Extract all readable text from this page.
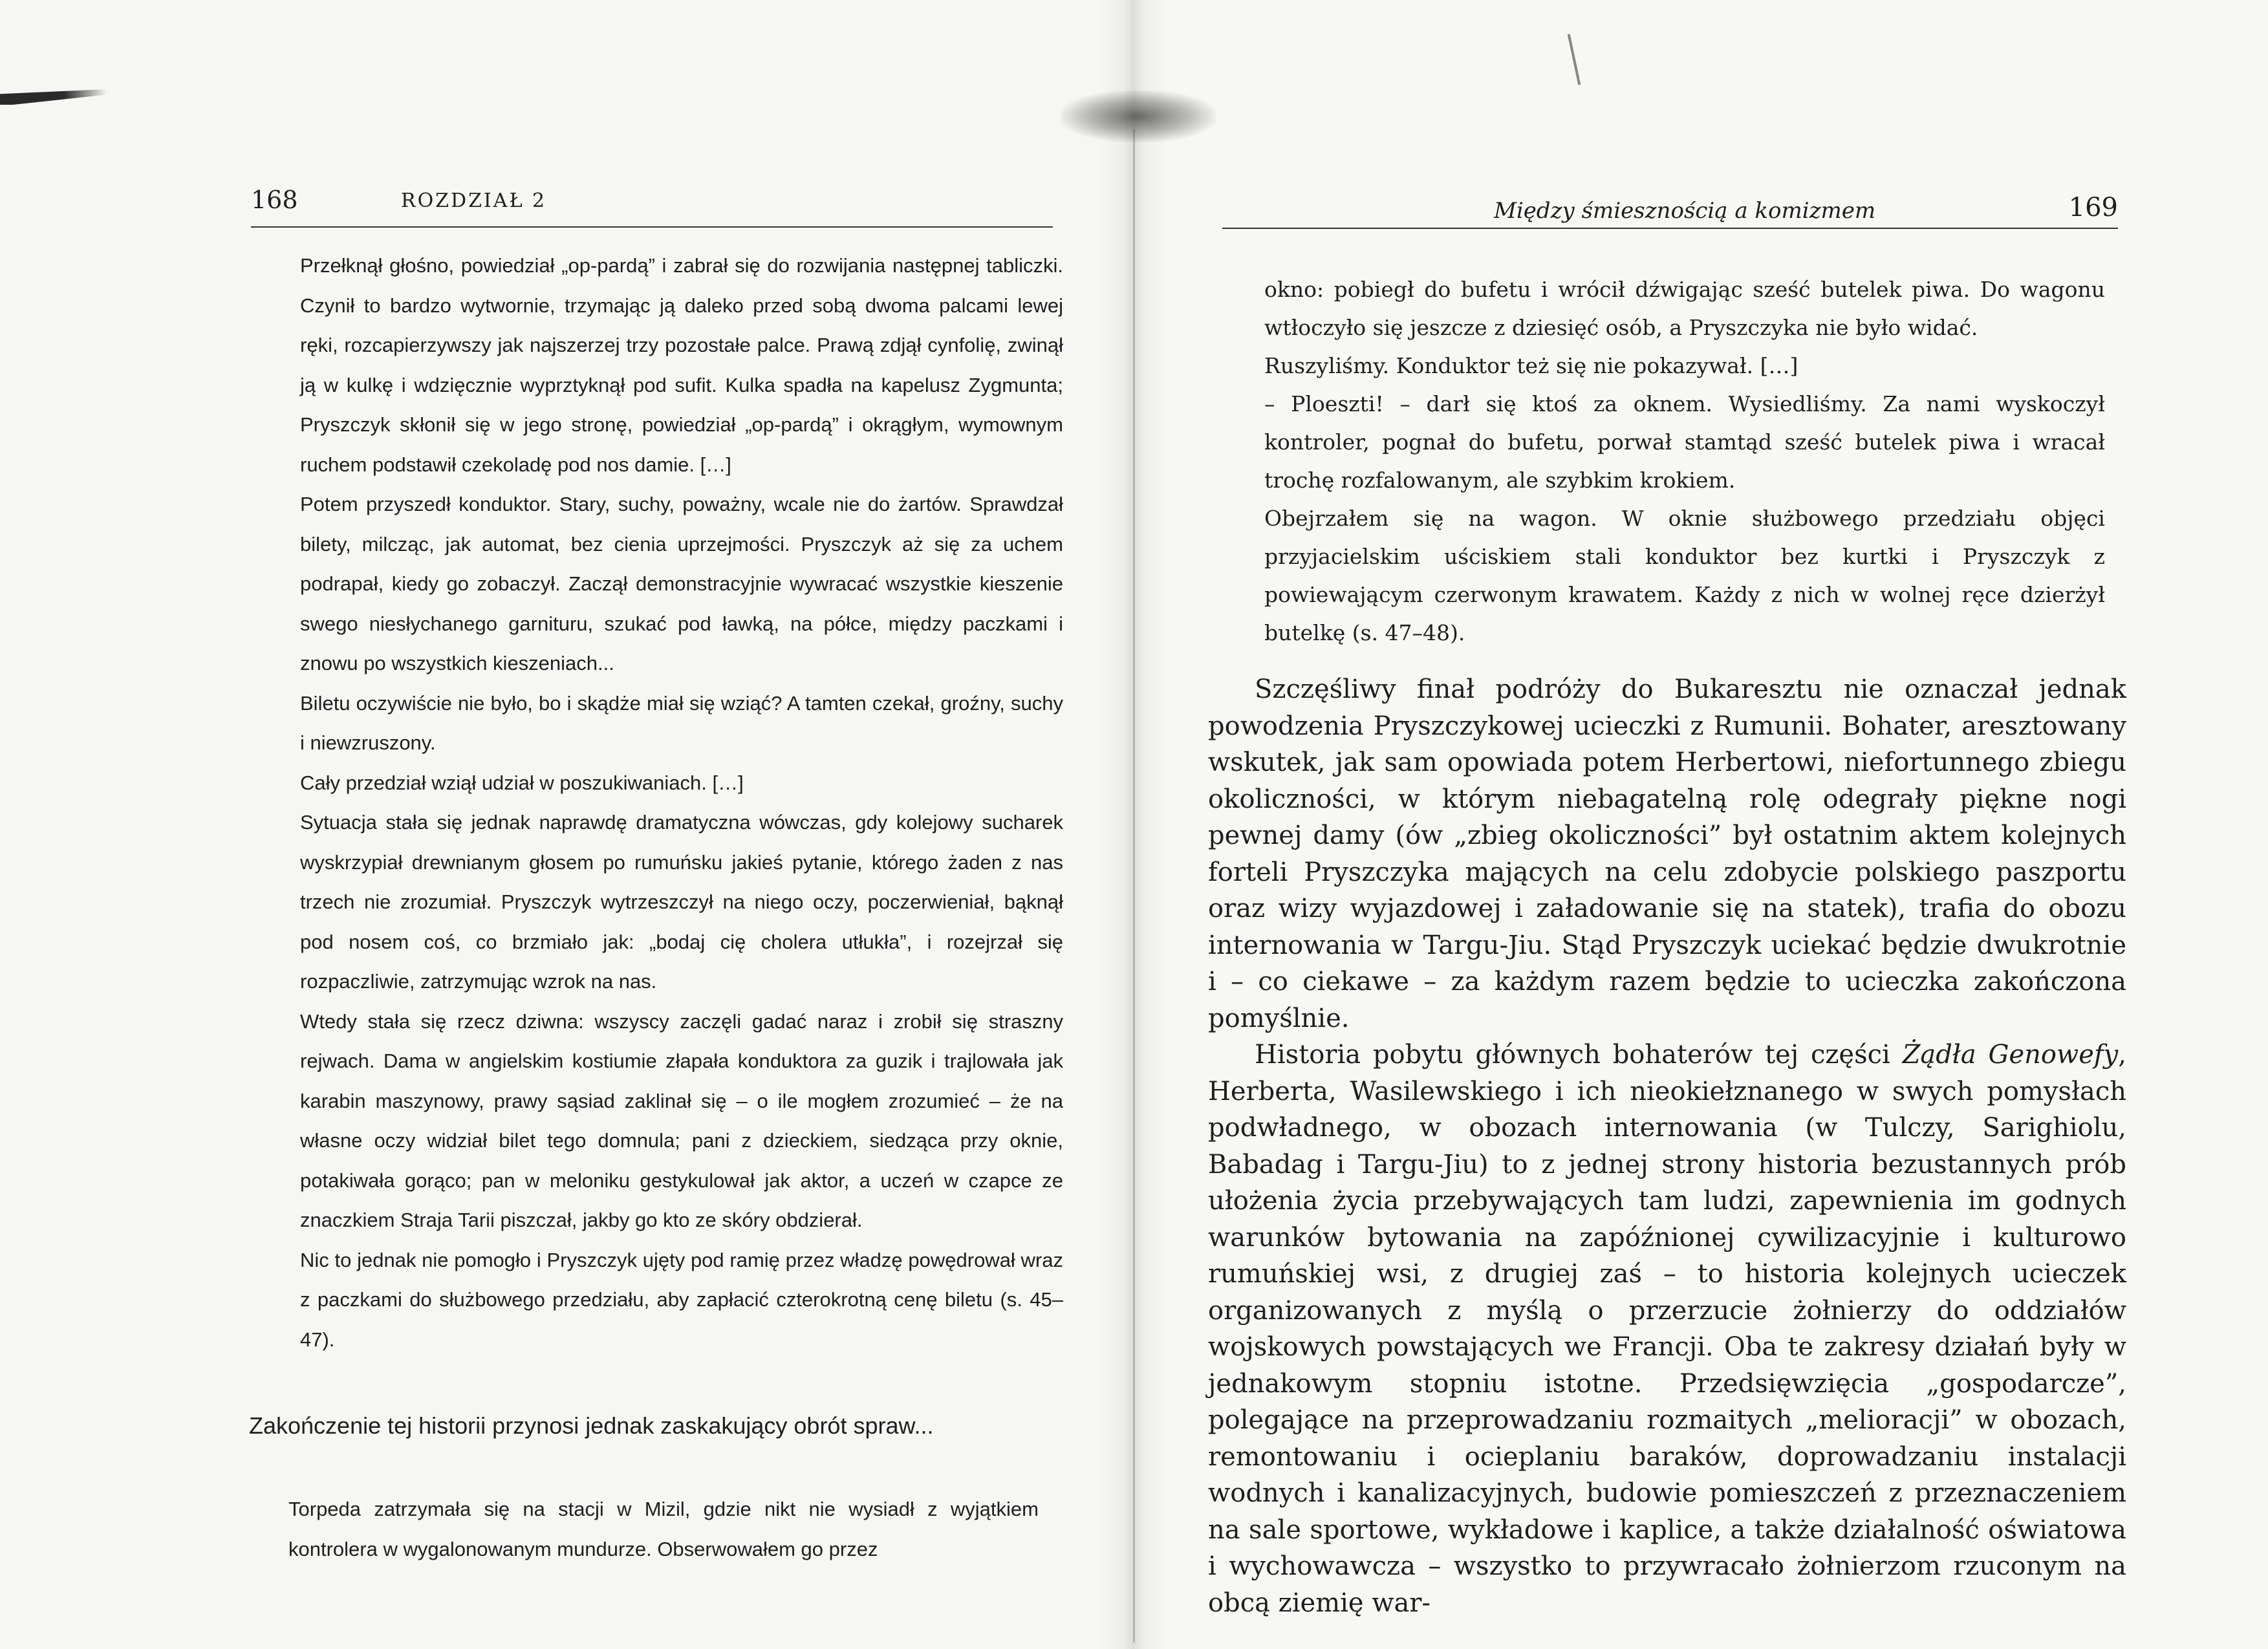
168	ROZDZIAŁ 2

Przełknął głośno, powiedział „op-pardą” i zabrał się do rozwijania następnej tabliczki. Czynił to bardzo wytwornie, trzymając ją daleko przed sobą dwoma palcami lewej ręki, rozcapierzywszy jak najszerzej trzy pozostałe palce. Prawą zdjął cynfolię, zwinął ją w kulkę i wdzięcznie wyprztyknął pod sufit. Kulka spadła na kapelusz Zygmunta; Pryszczyk skłonił się w jego stronę, powiedział „op-pardą” i okrągłym, wymownym ruchem podstawił czekoladę pod nos damie. […]

Potem przyszedł konduktor. Stary, suchy, poważny, wcale nie do żartów. Sprawdzał bilety, milcząc, jak automat, bez cienia uprzejmości. Pryszczyk aż się za uchem podrapał, kiedy go zobaczył. Zaczął demonstracyjnie wywracać wszystkie kieszenie swego niesłychanego garnituru, szukać pod ławką, na półce, między paczkami i znowu po wszystkich kieszeniach...

Biletu oczywiście nie było, bo i skądże miał się wziąć? A tamten czekał, groźny, suchy i niewzruszony.

Cały przedział wziął udział w poszukiwaniach. […]

Sytuacja stała się jednak naprawdę dramatyczna wówczas, gdy kolejowy sucharek wyskrzypiał drewnianym głosem po rumuńsku jakieś pytanie, którego żaden z nas trzech nie zrozumiał. Pryszczyk wytrzeszczył na niego oczy, poczerwieniał, bąknął pod nosem coś, co brzmiało jak: „bodaj cię cholera utłukła”, i rozejrzał się rozpaczliwie, zatrzymując wzrok na nas.

Wtedy stała się rzecz dziwna: wszyscy zaczęli gadać naraz i zrobił się straszny rejwach. Dama w angielskim kostiumie złapała konduktora za guzik i trajlowała jak karabin maszynowy, prawy sąsiad zaklinał się – o ile mogłem zrozumieć – że na własne oczy widział bilet tego domnula; pani z dzieckiem, siedząca przy oknie, potakiwała gorąco; pan w meloniku gestykulował jak aktor, a uczeń w czapce ze znaczkiem Straja Tarii piszczał, jakby go kto ze skóry obdzierał.

Nic to jednak nie pomogło i Pryszczyk ujęty pod ramię przez władzę powędrował wraz z paczkami do służbowego przedziału, aby zapłacić czterokrotną cenę biletu (s. 45–47).

Zakończenie tej historii przynosi jednak zaskakujący obrót spraw...

Torpeda zatrzymała się na stacji w Mizil, gdzie nikt nie wysiadł z wyjątkiem kontrolera w wygalonowanym mundurze. Obserwowałem go przez

Między śmiesznością a komizmem	169

okno: pobiegł do bufetu i wrócił dźwigając sześć butelek piwa. Do wagonu wtłoczyło się jeszcze z dziesięć osób, a Pryszczyka nie było widać.

Ruszyliśmy. Konduktor też się nie pokazywał. […]

– Ploeszti! – darł się ktoś za oknem. Wysiedliśmy. Za nami wyskoczył kontroler, pognał do bufetu, porwał stamtąd sześć butelek piwa i wracał trochę rozfalowanym, ale szybkim krokiem.

Obejrzałem się na wagon. W oknie służbowego przedziału objęci przyjacielskim uściskiem stali konduktor bez kurtki i Pryszczyk z powiewającym czerwonym krawatem. Każdy z nich w wolnej ręce dzierżył butelkę (s. 47–48).

Szczęśliwy finał podróży do Bukaresztu nie oznaczał jednak powodzenia Pryszczykowej ucieczki z Rumunii. Bohater, aresztowany wskutek, jak sam opowiada potem Herbertowi, niefortunnego zbiegu okoliczności, w którym niebagatelną rolę odegrały piękne nogi pewnej damy (ów „zbieg okoliczności” był ostatnim aktem kolejnych forteli Pryszczyka mających na celu zdobycie polskiego paszportu oraz wizy wyjazdowej i załadowanie się na statek), trafia do obozu internowania w Targu-Jiu. Stąd Pryszczyk uciekać będzie dwukrotnie i – co ciekawe – za każdym razem będzie to ucieczka zakończona pomyślnie.

Historia pobytu głównych bohaterów tej części Żądła Genowefy, Herberta, Wasilewskiego i ich nieokiełznanego w swych pomysłach podwładnego, w obozach internowania (w Tulczy, Sarighiolu, Babadag i Targu-Jiu) to z jednej strony historia bezustannych prób ułożenia życia przebywających tam ludzi, zapewnienia im godnych warunków bytowania na zapóźnionej cywilizacyjnie i kulturowo rumuńskiej wsi, z drugiej zaś – to historia kolejnych ucieczek organizowanych z myślą o przerzucie żołnierzy do oddziałów wojskowych powstających we Francji. Oba te zakresy działań były w jednakowym stopniu istotne. Przedsięwzięcia „gospodarcze”, polegające na przeprowadzaniu rozmaitych „melioracji” w obozach, remontowaniu i ocieplaniu baraków, doprowadzaniu instalacji wodnych i kanalizacyjnych, budowie pomieszczeń z przeznaczeniem na sale sportowe, wykładowe i kaplice, a także działalność oświatowa i wychowawcza – wszystko to przywracało żołnierzom rzuconym na obcą ziemię war-
